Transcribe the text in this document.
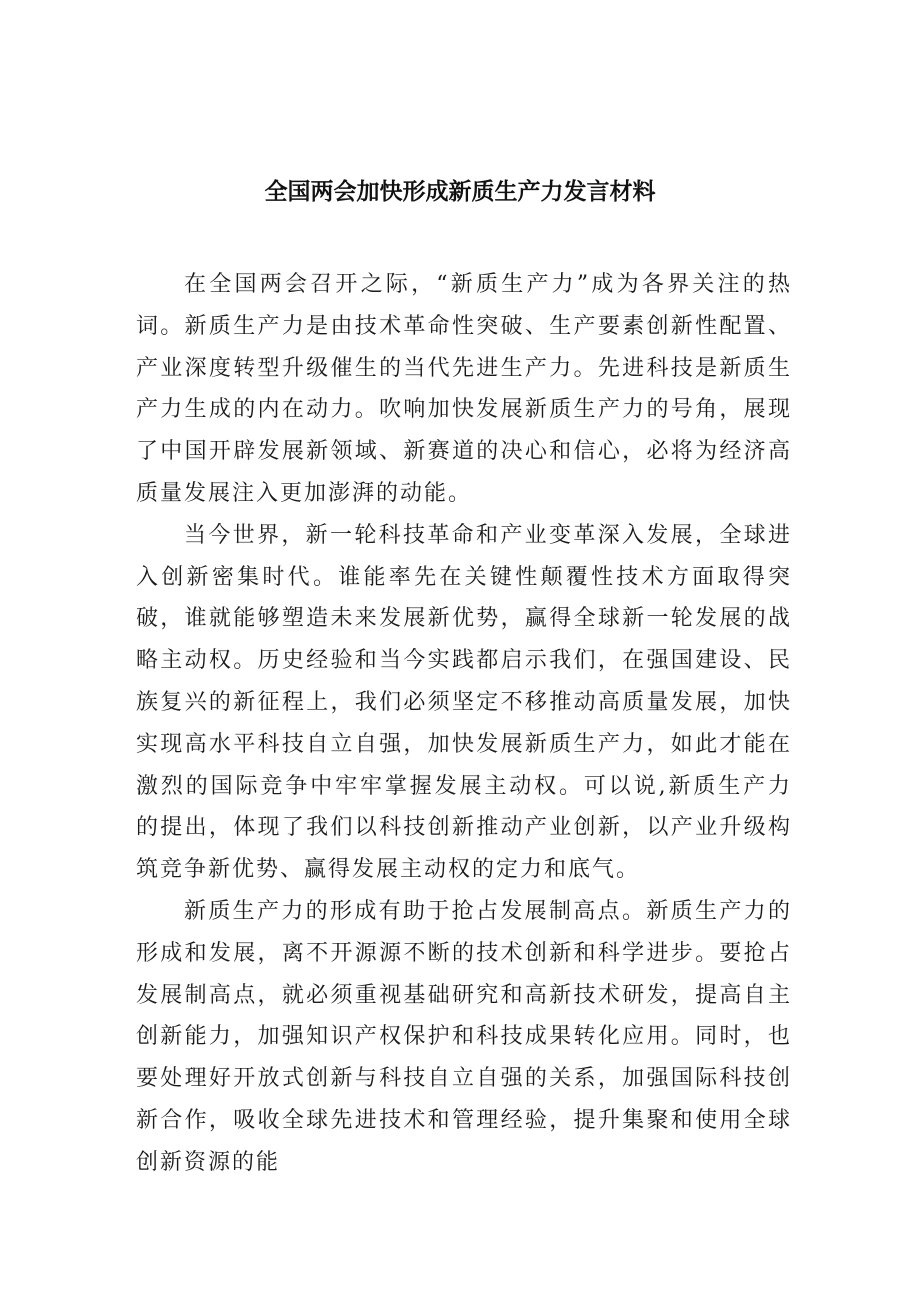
全国两会加快形成新质生产力发言材料

在全国两会召开之际，“新质生产力”成为各界关注的热词。新质生产力是由技术革命性突破、生产要素创新性配置、产业深度转型升级催生的当代先进生产力。先进科技是新质生产力生成的内在动力。吹响加快发展新质生产力的号角，展现了中国开辟发展新领域、新赛道的决心和信心，必将为经济高质量发展注入更加澎湃的动能。

当今世界，新一轮科技革命和产业变革深入发展，全球进入创新密集时代。谁能率先在关键性颠覆性技术方面取得突破，谁就能够塑造未来发展新优势，赢得全球新一轮发展的战略主动权。历史经验和当今实践都启示我们，在强国建设、民族复兴的新征程上，我们必须坚定不移推动高质量发展，加快实现高水平科技自立自强，加快发展新质生产力，如此才能在激烈的国际竞争中牢牢掌握发展主动权。可以说,新质生产力的提出，体现了我们以科技创新推动产业创新，以产业升级构筑竞争新优势、赢得发展主动权的定力和底气。

新质生产力的形成有助于抢占发展制高点。新质生产力的形成和发展，离不开源源不断的技术创新和科学进步。要抢占发展制高点，就必须重视基础研究和高新技术研发，提高自主创新能力，加强知识产权保护和科技成果转化应用。同时，也要处理好开放式创新与科技自立自强的关系，加强国际科技创新合作，吸收全球先进技术和管理经验，提升集聚和使用全球创新资源的能
